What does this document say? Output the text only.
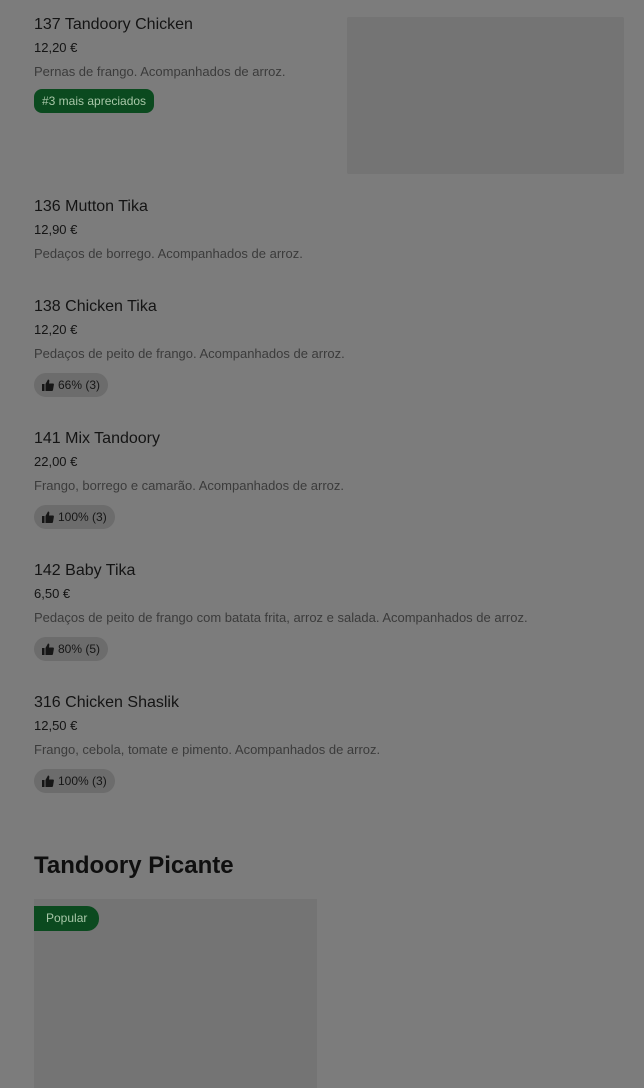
137 Tandoory Chicken
12,20 €
Pernas de frango. Acompanhados de arroz.
#3 mais apreciados
136 Mutton Tika
12,90 €
Pedaços de borrego. Acompanhados de arroz.
138 Chicken Tika
12,20 €
Pedaços de peito de frango. Acompanhados de arroz.
66% (3)
141 Mix Tandoory
22,00 €
Frango, borrego e camarão. Acompanhados de arroz.
100% (3)
142 Baby Tika
6,50 €
Pedaços de peito de frango com batata frita, arroz e salada. Acompanhados de arroz.
80% (5)
316 Chicken Shaslik
12,50 €
Frango, cebola, tomate e pimento. Acompanhados de arroz.
100% (3)
Tandoory Picante
Popular
